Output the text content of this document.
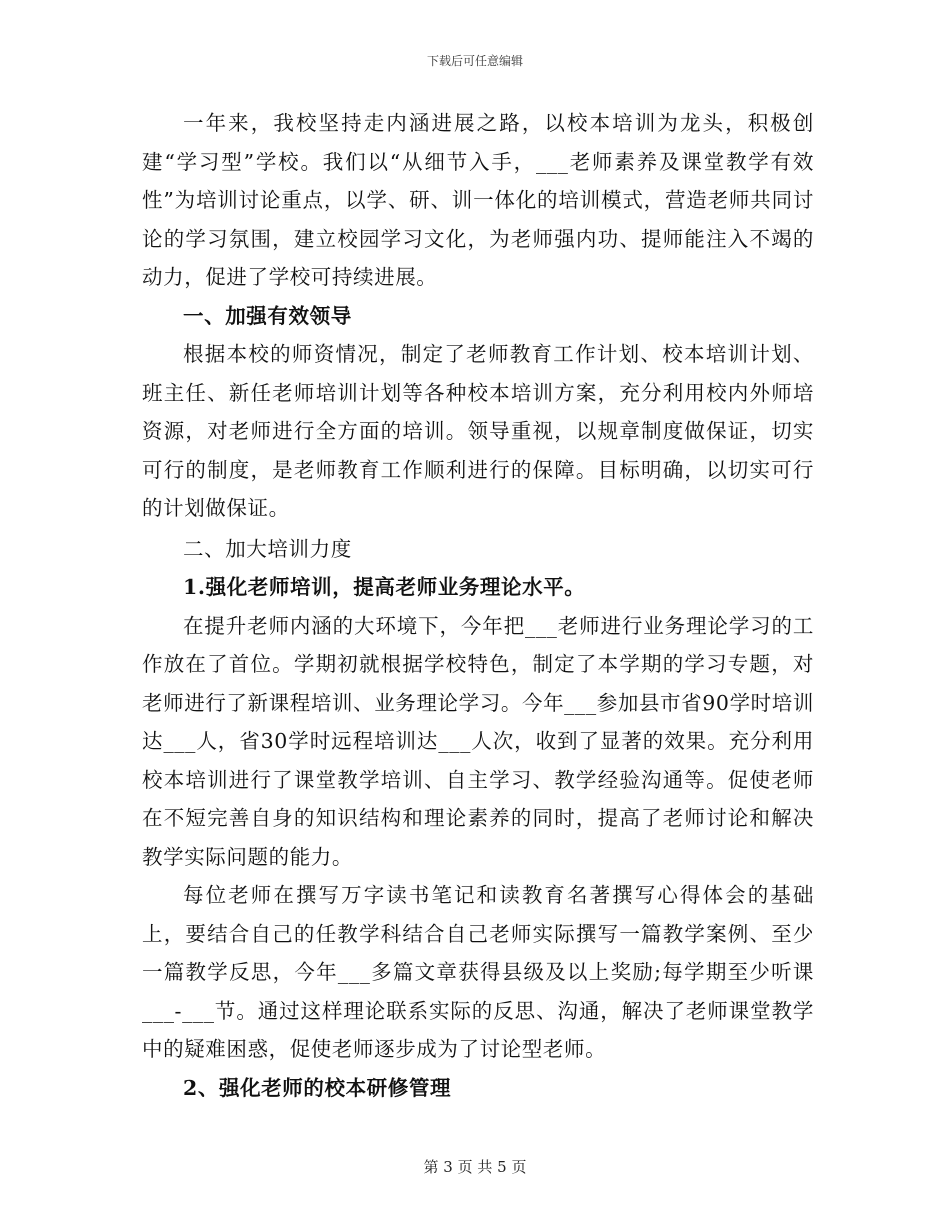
下载后可任意编辑

一年来，我校坚持走内涵进展之路，以校本培训为龙头，积极创建“学习型”学校。我们以“从细节入手，___老师素养及课堂教学有效性”为培训讨论重点，以学、研、训一体化的培训模式，营造老师共同讨论的学习氛围，建立校园学习文化，为老师强内功、提师能注入不竭的动力，促进了学校可持续进展。

一、加强有效领导

根据本校的师资情况，制定了老师教育工作计划、校本培训计划、班主任、新任老师培训计划等各种校本培训方案，充分利用校内外师培资源，对老师进行全方面的培训。领导重视，以规章制度做保证，切实可行的制度，是老师教育工作顺利进行的保障。目标明确，以切实可行的计划做保证。

二、加大培训力度

1.强化老师培训，提高老师业务理论水平。

在提升老师内涵的大环境下，今年把___老师进行业务理论学习的工作放在了首位。学期初就根据学校特色，制定了本学期的学习专题，对老师进行了新课程培训、业务理论学习。今年___参加县市省90学时培训达___人，省30学时远程培训达___人次，收到了显著的效果。充分利用校本培训进行了课堂教学培训、自主学习、教学经验沟通等。促使老师在不短完善自身的知识结构和理论素养的同时，提高了老师讨论和解决教学实际问题的能力。

每位老师在撰写万字读书笔记和读教育名著撰写心得体会的基础上，要结合自己的任教学科结合自己老师实际撰写一篇教学案例、至少一篇教学反思，今年___多篇文章获得县级及以上奖励;每学期至少听课___-___节。通过这样理论联系实际的反思、沟通，解决了老师课堂教学中的疑难困惑，促使老师逐步成为了讨论型老师。

2、强化老师的校本研修管理

第 3 页 共 5 页
